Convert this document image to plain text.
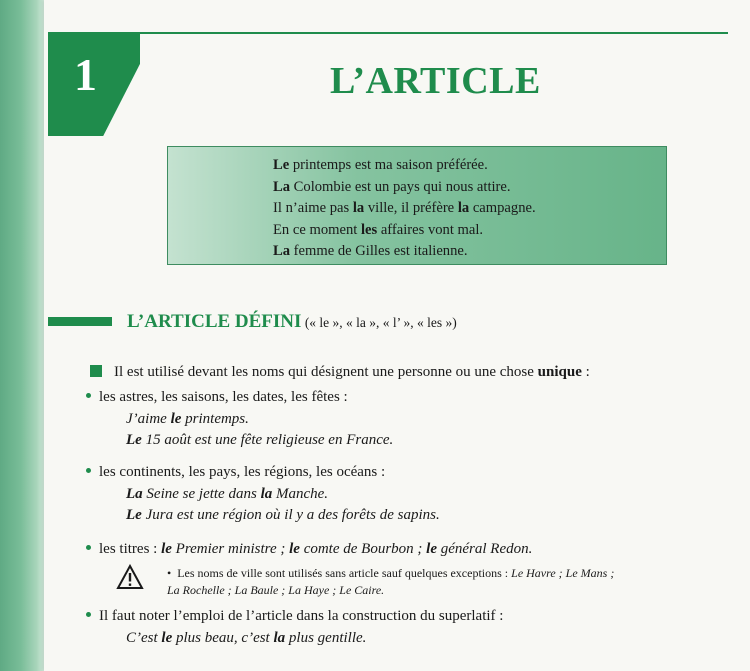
1	L’ARTICLE
Le printemps est ma saison préférée.
La Colombie est un pays qui nous attire.
Il n’aime pas la ville, il préfère la campagne.
En ce moment les affaires vont mal.
La femme de Gilles est italienne.
L’ARTICLE DÉFINI (« le », « la », « l’ », « les »)
Il est utilisé devant les noms qui désignent une personne ou une chose unique :
les astres, les saisons, les dates, les fêtes :
J’aime le printemps.
Le 15 août est une fête religieuse en France.
les continents, les pays, les régions, les océans :
La Seine se jette dans la Manche.
Le Jura est une région où il y a des forêts de sapins.
les titres : le Premier ministre ; le comte de Bourbon ; le général Redon.
• Les noms de ville sont utilisés sans article sauf quelques exceptions : Le Havre ; Le Mans ;
La Rochelle ; La Baule ; La Haye ; Le Caire.
Il faut noter l’emploi de l’article dans la construction du superlatif :
C’est le plus beau, c’est la plus gentille.
